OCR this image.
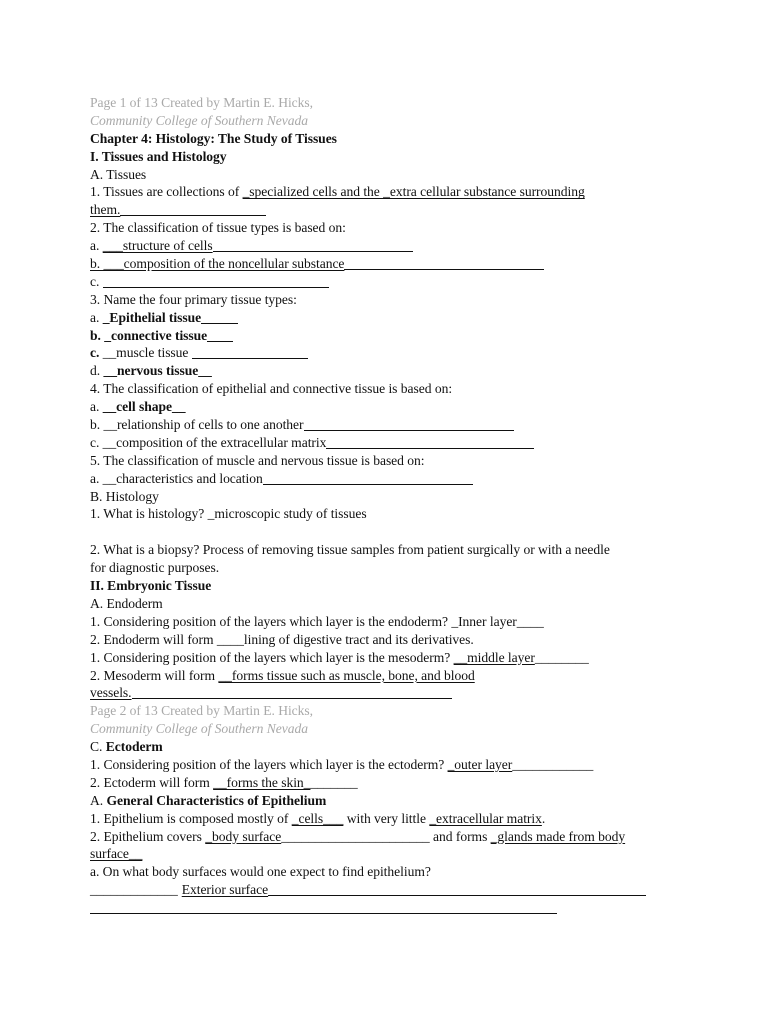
Page 1 of 13 Created by Martin E. Hicks,
Community College of Southern Nevada
Chapter 4: Histology: The Study of Tissues
I. Tissues and Histology
A. Tissues
1. Tissues are collections of _specialized cells and the _extra cellular substance surrounding
them.
2. The classification of tissue types is based on:
a. ___structure of cells
b. ___composition of the noncellular substance
c.
3. Name the four primary tissue types:
a. _Epithelial tissue
b. _connective tissue
c. __muscle tissue
d. __nervous tissue__
4. The classification of epithelial and connective tissue is based on:
a. __cell shape__
b. __relationship of cells to one another
c. __composition of the extracellular matrix
5. The classification of muscle and nervous tissue is based on:
a. __characteristics and location
B. Histology
1. What is histology? _microscopic study of tissues
2. What is a biopsy? Process of removing tissue samples from patient surgically or with a needle
for diagnostic purposes.
II. Embryonic Tissue
A. Endoderm
1. Considering position of the layers which layer is the endoderm? _Inner layer____
2. Endoderm will form ____lining of digestive tract and its derivatives.
1. Considering position of the layers which layer is the mesoderm? __middle layer________
2. Mesoderm will form __forms tissue such as muscle, bone, and blood
vessels.
Page 2 of 13 Created by Martin E. Hicks,
Community College of Southern Nevada
C. Ectoderm
1. Considering position of the layers which layer is the ectoderm? _outer layer____________
2. Ectoderm will form __forms the skin________
A. General Characteristics of Epithelium
1. Epithelium is composed mostly of _cells___ with very little _extracellular matrix.
2. Epithelium covers _body surface______________________ and forms _glands made from body
surface__
a. On what body surfaces would one expect to find epithelium?
_____________ Exterior surface
